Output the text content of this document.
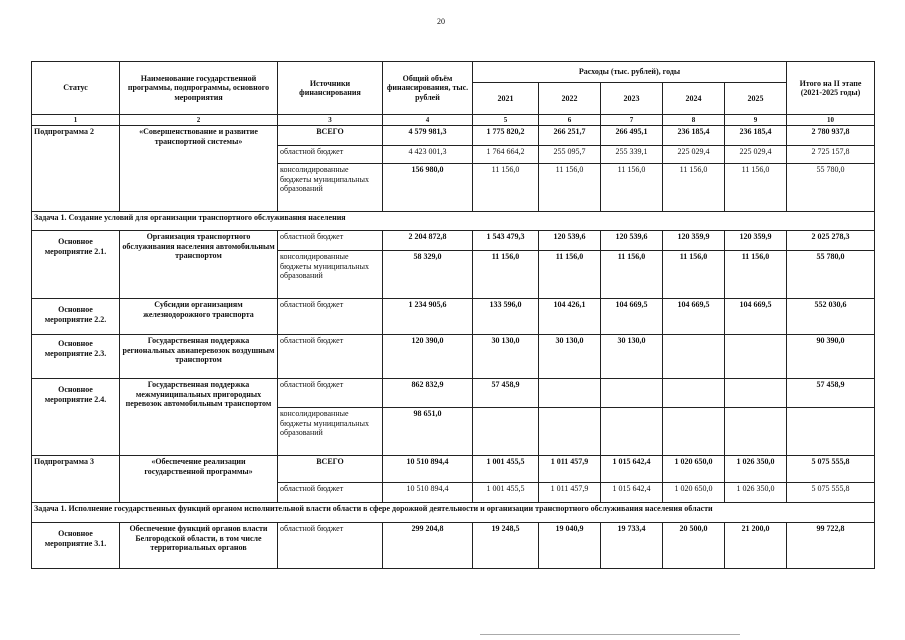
20
Статус	Наименование государственной программы, подпрограммы, основного мероприятия	Источники финансирования	Общий объём финансирования, тыс. рублей	Расходы (тыс. рублей), годы					Итого на II этапе (2021-2025 годы)
				2021	2022	2023	2024	2025	
1	2	3	4	5	6	7	8	9	10
Подпрограмма 2	«Совершенствование и развитие транспортной системы»	ВСЕГО	4 579 981,3	1 775 820,2	266 251,7	266 495,1	236 185,4	236 185,4	2 780 937,8
		областной бюджет	4 423 001,3	1 764 664,2	255 095,7	255 339,1	225 029,4	225 029,4	2 725 157,8
		консолидированные бюджеты муниципальных образований	156 980,0	11 156,0	11 156,0	11 156,0	11 156,0	11 156,0	55 780,0
Задача 1. Создание условий для организации транспортного обслуживания населения									
Основное мероприятие 2.1.	Организация транспортного обслуживания населения автомобильным транспортом	областной бюджет	2 204 872,8	1 543 479,3	120 539,6	120 539,6	120 359,9	120 359,9	2 025 278,3
		консолидированные бюджеты муниципальных образований	58 329,0	11 156,0	11 156,0	11 156,0	11 156,0	11 156,0	55 780,0
Основное мероприятие 2.2.	Субсидии организациям железнодорожного транспорта	областной бюджет	1 234 905,6	133 596,0	104 426,1	104 669,5	104 669,5	104 669,5	552 030,6
Основное мероприятие 2.3.	Государственная поддержка региональных авиаперевозок воздушным транспортом	областной бюджет	120 390,0	30 130,0	30 130,0	30 130,0			90 390,0
Основное мероприятие 2.4.	Государственная поддержка межмуниципальных пригородных перевозок автомобильным транспортом	областной бюджет	862 832,9	57 458,9					57 458,9
		консолидированные бюджеты муниципальных образований	98 651,0						
Подпрограмма 3	«Обеспечение реализации государственной программы»	ВСЕГО	10 510 894,4	1 001 455,5	1 011 457,9	1 015 642,4	1 020 650,0	1 026 350,0	5 075 555,8
		областной бюджет	10 510 894,4	1 001 455,5	1 011 457,9	1 015 642,4	1 020 650,0	1 026 350,0	5 075 555,8
Задача 1. Исполнение государственных функций органом исполнительной власти области в сфере дорожной деятельности и организации транспортного обслуживания населения области									
Основное мероприятие 3.1.	Обеспечение функций органов власти Белгородской области, в том числе территориальных органов	областной бюджет	299 204,8	19 248,5	19 040,9	19 733,4	20 500,0	21 200,0	99 722,8
